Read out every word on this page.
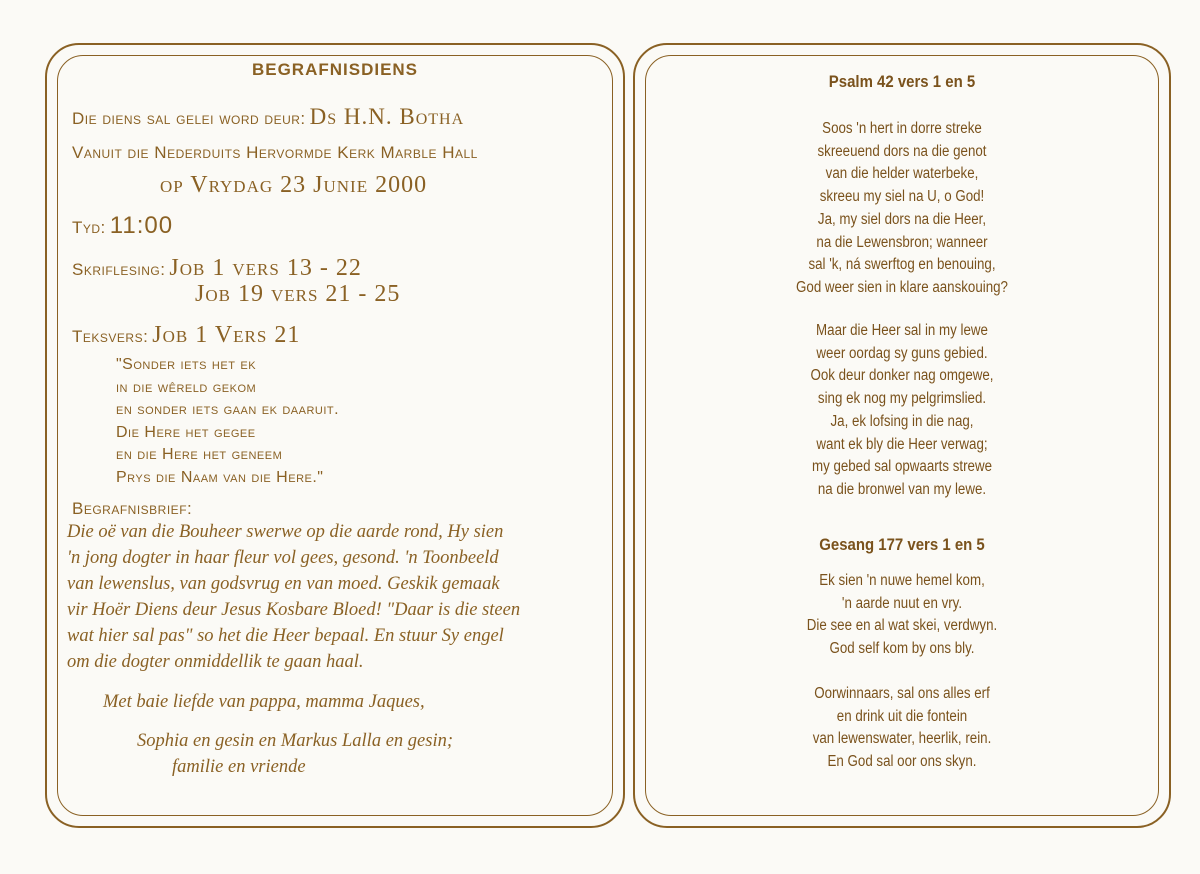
BEGRAFNISDIENS
Die diens sal gelei word deur: Ds H.N. Botha
Vanuit die Nederduits Hervormde Kerk Marble Hall
op Vrydag 23 Junie 2000
Tyd: 11:00
Skriflesing: Job 1 vers 13 - 22
Job 19 vers 21 - 25
Teksvers: Job 1 Vers 21
"Sonder iets het ek
in die wêreld gekom
en sonder iets gaan ek daaruit.
Die Here het gegee
en die Here het geneem
Prys die Naam van die Here."
Begrafnisbrief:
Die oë van die Bouheer swerwe op die aarde rond, Hy sien
'n jong dogter in haar fleur vol gees, gesond. 'n Toonbeeld
van lewenslus, van godsvrug en van moed. Geskik gemaak
vir Hoër Diens deur Jesus Kosbare Bloed! "Daar is die steen
wat hier sal pas" so het die Heer bepaal. En stuur Sy engel
om die dogter onmiddellik te gaan haal.
Met baie liefde van pappa, mamma Jaques,
Sophia en gesin en Markus Lalla en gesin;
familie en vriende
Psalm 42 vers 1 en 5
Soos 'n hert in dorre streke
skreeuend dors na die genot
van die helder waterbeke,
skreeu my siel na U, o God!
Ja, my siel dors na die Heer,
na die Lewensbron; wanneer
sal 'k, ná swerftog en benouing,
God weer sien in klare aanskouing?
Maar die Heer sal in my lewe
weer oordag sy guns gebied.
Ook deur donker nag omgewe,
sing ek nog my pelgrimslied.
Ja, ek lofsing in die nag,
want ek bly die Heer verwag;
my gebed sal opwaarts strewe
na die bronwel van my lewe.
Gesang 177 vers 1 en 5
Ek sien 'n nuwe hemel kom,
'n aarde nuut en vry.
Die see en al wat skei, verdwyn.
God self kom by ons bly.
Oorwinnaars, sal ons alles erf
en drink uit die fontein
van lewenswater, heerlik, rein.
En God sal oor ons skyn.
